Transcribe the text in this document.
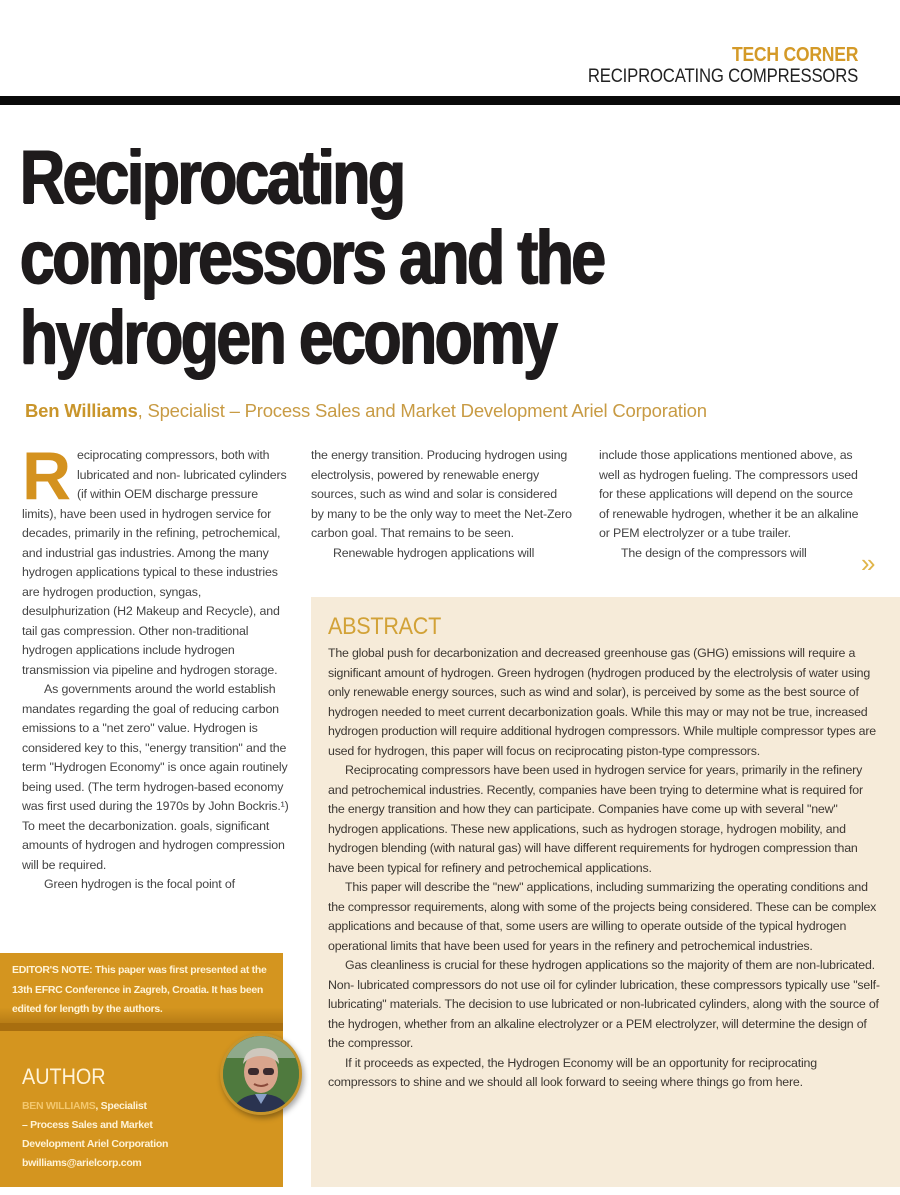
TECH CORNER
RECIPROCATING COMPRESSORS
Reciprocating
compressors and the
hydrogen economy
Ben Williams, Specialist – Process Sales and Market Development Ariel Corporation

Reciprocating compressors, both with lubricated and non- lubricated cylinders (if within OEM discharge pressure limits), have been used in hydrogen service for decades, primarily in the refining, petrochemical, and industrial gas industries. Among the many hydrogen applications typical to these industries are hydrogen production, syngas, desulphurization (H2 Makeup and Recycle), and tail gas compression. Other non-traditional hydrogen applications include hydrogen transmission via pipeline and hydrogen storage.

As governments around the world establish mandates regarding the goal of reducing carbon emissions to a "net zero" value. Hydrogen is considered key to this, "energy transition" and the term "Hydrogen Economy" is once again routinely being used. (The term hydrogen-based economy was first used during the 1970s by John Bockris.¹) To meet the decarbonization. goals, significant amounts of hydrogen and hydrogen compression will be required.

Green hydrogen is the focal point of

the energy transition. Producing hydrogen using electrolysis, powered by renewable energy sources, such as wind and solar is considered by many to be the only way to meet the Net-Zero carbon goal. That remains to be seen.

Renewable hydrogen applications will

include those applications mentioned above, as well as hydrogen fueling. The compressors used for these applications will depend on the source of renewable hydrogen, whether it be an alkaline or PEM electrolyzer or a tube trailer.

The design of the compressors will	»
ABSTRACT

The global push for decarbonization and decreased greenhouse gas (GHG) emissions will require a significant amount of hydrogen. Green hydrogen (hydrogen produced by the electrolysis of water using only renewable energy sources, such as wind and solar), is perceived by some as the best source of hydrogen needed to meet current decarbonization goals. While this may or may not be true, increased hydrogen production will require additional hydrogen compressors. While multiple compressor types are used for hydrogen, this paper will focus on reciprocating piston-type compressors.

Reciprocating compressors have been used in hydrogen service for years, primarily in the refinery and petrochemical industries. Recently, companies have been trying to determine what is required for the energy transition and how they can participate. Companies have come up with several "new" hydrogen applications. These new applications, such as hydrogen storage, hydrogen mobility, and hydrogen blending (with natural gas) will have different requirements for hydrogen compression than have been typical for refinery and petrochemical applications.

This paper will describe the "new" applications, including summarizing the operating conditions and the compressor requirements, along with some of the projects being considered. These can be complex applications and because of that, some users are willing to operate outside of the typical hydrogen operational limits that have been used for years in the refinery and petrochemical industries.

Gas cleanliness is crucial for these hydrogen applications so the majority of them are non-lubricated. Non- lubricated compressors do not use oil for cylinder lubrication, these compressors typically use "self-lubricating" materials. The decision to use lubricated or non-lubricated cylinders, along with the source of the hydrogen, whether from an alkaline electrolyzer or a PEM electrolyzer, will determine the design of the compressor.

If it proceeds as expected, the Hydrogen Economy will be an opportunity for reciprocating compressors to shine and we should all look forward to seeing where things go from here.

EDITOR'S NOTE: This paper was first presented at the 13th EFRC Conference in Zagreb, Croatia. It has been edited for length by the authors.
AUTHOR
BEN WILLIAMS, Specialist
– Process Sales and Market
Development Ariel Corporation
bwilliams@arielcorp.com
